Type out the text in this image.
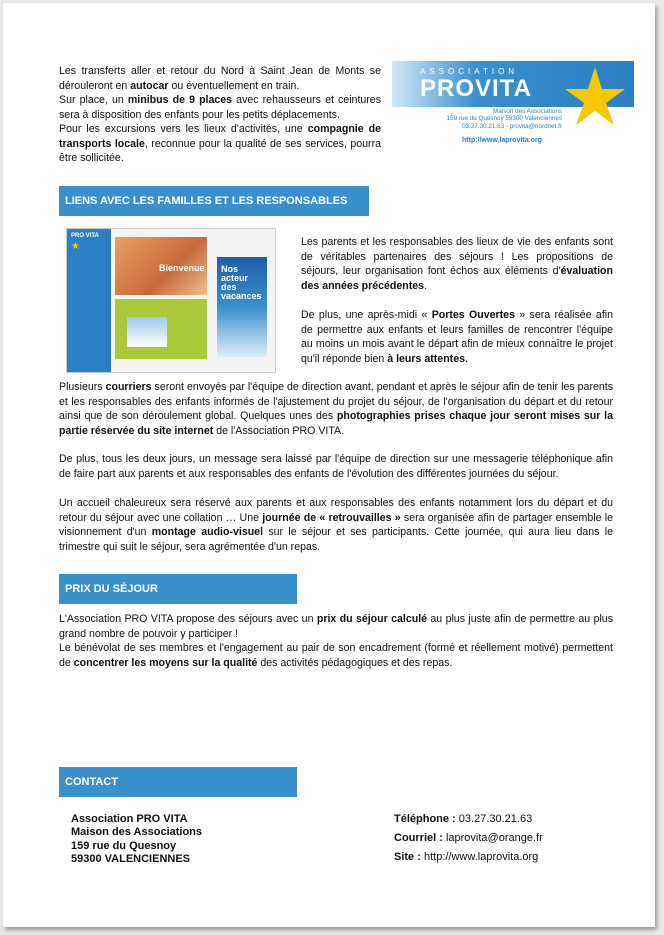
Les transferts aller et retour du Nord à Saint Jean de Monts se dérouleront en autocar ou éventuellement en train.
Sur place, un minibus de 9 places avec rehausseurs et ceintures sera à disposition des enfants pour les petits déplacements.
Pour les excursions vers les lieux d'activités, une compagnie de transports locale, reconnue pour la qualité de ses services, pourra être sollicitée.

ASSOCIATION
PROVITA
Maison des Associations
159 rue du Quesnoy 59300 Valenciennes
03.27.30.21.63 - provita@nordnet.fr
http://www.laprovita.org
LIENS AVEC LES FAMILLES ET LES RESPONSABLES
★
PRO VITA
Bienvenue Nos acteur des vacances

Les parents et les responsables des lieux de vie des enfants sont de véritables partenaires des séjours ! Les propositions de séjours, leur organisation font échos aux éléments d'évaluation des années précédentes.

De plus, une après-midi « Portes Ouvertes » sera réalisée afin de permettre aux enfants et leurs familles de rencontrer l'équipe au moins un mois avant le départ afin de mieux connaître le projet qu'il réponde bien à leurs attentes.

Plusieurs courriers seront envoyés par l'équipe de direction avant, pendant et après le séjour afin de tenir les parents et les responsables des enfants informés de l'ajustement du projet du séjour, de l'organisation du départ et du retour ainsi que de son déroulement global. Quelques unes des photographies prises chaque jour seront mises sur la partie réservée du site internet de l'Association PRO VITA.

De plus, tous les deux jours, un message sera laissé par l'équipe de direction sur une messagerie téléphonique afin de faire part aux parents et aux responsables des enfants de l'évolution des différentes journées du séjour.

Un accueil chaleureux sera réservé aux parents et aux responsables des enfants notamment lors du départ et du retour du séjour avec une collation … Une journée de « retrouvailles » sera organisée afin de partager ensemble le visionnement d'un montage audio-visuel sur le séjour et ses participants. Cette journée, qui aura lieu dans le trimestre qui suit le séjour, sera agrémentée d'un repas.

PRIX DU SÉJOUR

L'Association PRO VITA propose des séjours avec un prix du séjour calculé au plus juste afin de permettre au plus grand nombre de pouvoir y participer !
Le bénévolat de ses membres et l'engagement au pair de son encadrement (formé et réellement motivé) permettent de concentrer les moyens sur la qualité des activités pédagogiques et des repas.

CONTACT
Association PRO VITA
Maison des Associations
159 rue du Quesnoy
59300 VALENCIENNES
Téléphone : 03.27.30.21.63
Courriel : laprovita@orange.fr
Site : http://www.laprovita.org
